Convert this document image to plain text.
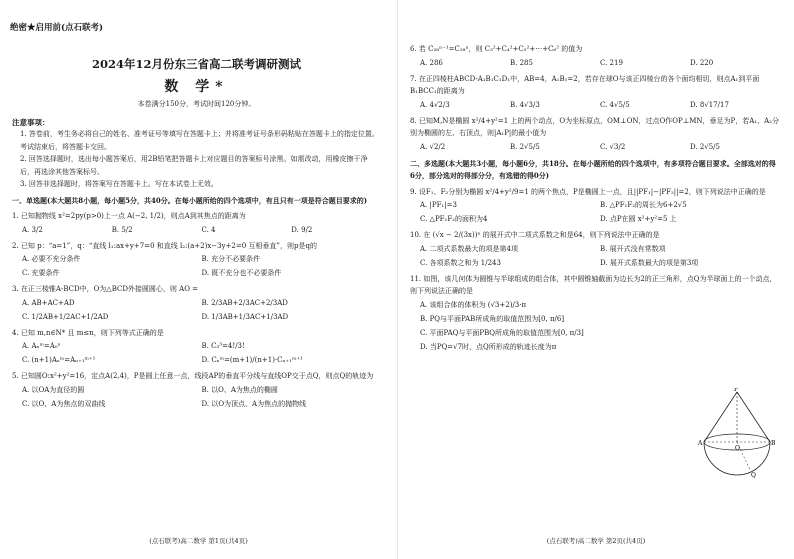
绝密★启用前(点石联考)
2024年12月份东三省高二联考调研测试
数 学*
本卷满分150分，考试时间120分钟。
注意事项：
1. 答卷前，考生务必将自己的姓名、准考证号等填写在答题卡上；并将准考证号条形码粘贴在答题卡上的指定位置。考试结束后，将答题卡交回。
2. 回答选择题时，选出每小题答案后，用2B铅笔把答题卡上对应题目的答案标号涂黑。如需改动，用橡皮擦干净后，再选涂其他答案标号。
3. 回答非选择题时，将答案写在答题卡上。写在本试卷上无效。
一、单选题(本大题共8小题，每小题5分，共40分。在每小题所给的四个选项中，有且只有一项是符合题目要求的)
1. 已知抛物线 x²=2py(p>0)上一点 A(−2, 1/2)，则点A到其焦点的距离为
A. 3/2	B. 5/2	C. 4	D. 9/2
2. 已知 p：“a=1”，q：“直线 l₁:ax+y+7=0 和直线 l₂:(a+2)x−3y+2=0 互相垂直”，则p是q的
A. 必要不充分条件	B. 充分不必要条件
C. 充要条件	D. 既不充分也不必要条件
3. 在正三棱锥A-BCD中，O为△BCD外接圆圆心，则 AO =
A. AB+AC+AD	B. 2/3AB+2/3AC+2/3AD
C. 1/2AB+1/2AC+1/2AD	D. 1/3AB+1/3AC+1/3AD
4. 已知 m,n∈N* 且 m≤n，则下列等式正确的是
A. Aₙᵐ=A₀ⁿ	B. C₅³=4!/3!
C. (n+1)Aₙᵐ=Aₙ₊₁ᵐ⁺¹	D. Cₙᵐ=(m+1)/(n+1)·Cₙ₊₁ᵐ⁺¹
5. 已知圆O:x²+y²=16，定点A(2,4)，P是圆上任意一点，线段AP的垂直平分线与直线OP交于点Q，则点Q的轨迹为
A. 以OA为直径的圆	B. 以O、A为焦点的椭圆
C. 以O、A为焦点的双曲线	D. 以O为顶点、A为焦点的抛物线
(点石联考)高二数学 第1页(共4页)
6. 若 C₂₈ⁿ⁻¹=C₂₈ⁿ，则 C₃²+C₄²+C₅²+⋯+C₆² 的值为
A. 286	B. 285	C. 219	D. 220
7. 在正四棱柱ABCD-A₁B₁C₁D₁中，AB=4，A₁B₁=2，若存在球O与该正四棱台的各个面均相切，则点A₁到平面B₁BCC₁的距离为
A. 4√2/3	B. 4√3/3	C. 4√5/5	D. 8√17/17
8. 已知M,N是椭圆 x²/4+y²=1 上的两个动点，O为坐标原点，OM⊥ON，过点O作OP⊥MN，垂足为P，若A₁、A₂分别为椭圆的左、右顶点，则|A₁P|的最小值为
A. √2/2	B. 2√5/5	C. √3/2	D. 2√5/5
二、多选题(本大题共3小题，每小题6分，共18分。在每小题所给的四个选项中，有多项符合题目要求。全部选对的得6分，部分选对的得部分分，有选错的得0分)
9. 设F₁、F₂分别为椭圆 x²/4+y²/9=1 的两个焦点，P是椭圆上一点，且||PF₁|−|PF₂||=2，则下列说法中正确的是
A. |PF₁|=3	B. △PF₁F₂的周长为6+2√5
C. △PF₁F₂的面积为4	D. 点P在圆 x²+y²=5 上
10. 在 (√x − 2/(3x))ⁿ 的展开式中二项式系数之和是64，则下列说法中正确的是
A. 二项式系数最大的项是第4项	B. 展开式没有常数项
C. 各项系数之和为 1/243	D. 展开式系数最大的项是第3项
11. 如图，该几何体为圆锥与半球组成的组合体，其中圆锥轴截面为边长为2的正三角形，点Q为半球面上的一个动点，则下列说法正确的是
A. 该组合体的体积为 (√3+2)/3·π
B. PQ与平面PAB所成角的取值范围为[0, π/6]
C. 平面PAQ与平面PBQ所成角的取值范围为[0, π/3]
D. 当PQ=√7时，点Q所形成的轨迹长度为π
P
A	B
O
Q
(点石联考)高二数学 第2页(共4页)
